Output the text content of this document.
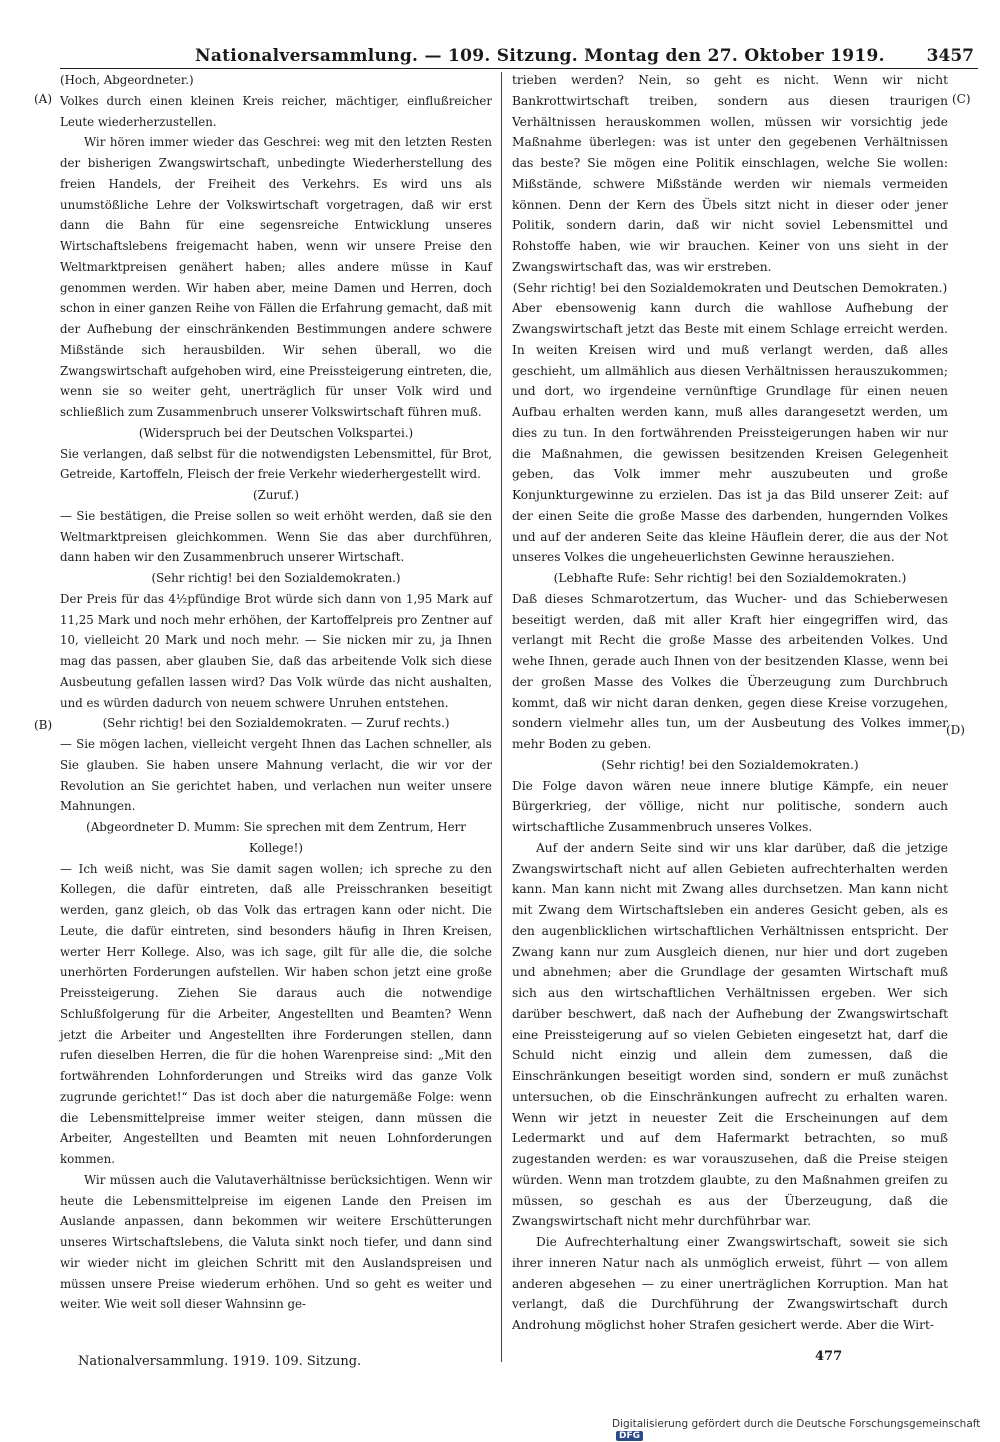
Nationalversammlung. — 109. Sitzung. Montag den 27. Oktober 1919. 3457

(Hoch, Abgeordneter.)

Volkes durch einen kleinen Kreis reicher, mächtiger, einflußreicher Leute wiederherzustellen.

Wir hören immer wieder das Geschrei: weg mit den letzten Resten der bisherigen Zwangswirtschaft, unbedingte Wiederherstellung des freien Handels, der Freiheit des Verkehrs. Es wird uns als unumstößliche Lehre der Volkswirtschaft vorgetragen, daß wir erst dann die Bahn für eine segensreiche Entwicklung unseres Wirtschaftslebens freigemacht haben, wenn wir unsere Preise den Weltmarktpreisen genähert haben; alles andere müsse in Kauf genommen werden. Wir haben aber, meine Damen und Herren, doch schon in einer ganzen Reihe von Fällen die Erfahrung gemacht, daß mit der Aufhebung der einschränkenden Bestimmungen andere schwere Mißstände sich herausbilden. Wir sehen überall, wo die Zwangswirtschaft aufgehoben wird, eine Preissteigerung eintreten, die, wenn sie so weiter geht, unerträglich für unser Volk wird und schließlich zum Zusammenbruch unserer Volkswirtschaft führen muß.

(Widerspruch bei der Deutschen Volkspartei.)

Sie verlangen, daß selbst für die notwendigsten Lebensmittel, für Brot, Getreide, Kartoffeln, Fleisch der freie Verkehr wiederhergestellt wird.

(Zuruf.)

— Sie bestätigen, die Preise sollen so weit erhöht werden, daß sie den Weltmarktpreisen gleichkommen. Wenn Sie das aber durchführen, dann haben wir den Zusammenbruch unserer Wirtschaft.

(Sehr richtig! bei den Sozialdemokraten.)

Der Preis für das 4½pfündige Brot würde sich dann von 1,95 Mark auf 11,25 Mark und noch mehr erhöhen, der Kartoffelpreis pro Zentner auf 10, vielleicht 20 Mark und noch mehr. — Sie nicken mir zu, ja Ihnen mag das passen, aber glauben Sie, daß das arbeitende Volk sich diese Ausbeutung gefallen lassen wird? Das Volk würde das nicht aushalten, und es würden dadurch von neuem schwere Unruhen entstehen.

(Sehr richtig! bei den Sozialdemokraten. — Zuruf rechts.)

— Sie mögen lachen, vielleicht vergeht Ihnen das Lachen schneller, als Sie glauben. Sie haben unsere Mahnung verlacht, die wir vor der Revolution an Sie gerichtet haben, und verlachen nun weiter unsere Mahnungen.

(Abgeordneter D. Mumm: Sie sprechen mit dem Zentrum, Herr Kollege!)

— Ich weiß nicht, was Sie damit sagen wollen; ich spreche zu den Kollegen, die dafür eintreten, daß alle Preisschranken beseitigt werden, ganz gleich, ob das Volk das ertragen kann oder nicht. Die Leute, die dafür eintreten, sind besonders häufig in Ihren Kreisen, werter Herr Kollege. Also, was ich sage, gilt für alle die, die solche unerhörten Forderungen aufstellen. Wir haben schon jetzt eine große Preissteigerung. Ziehen Sie daraus auch die notwendige Schlußfolgerung für die Arbeiter, Angestellten und Beamten? Wenn jetzt die Arbeiter und Angestellten ihre Forderungen stellen, dann rufen dieselben Herren, die für die hohen Warenpreise sind: „Mit den fortwährenden Lohnforderungen und Streiks wird das ganze Volk zugrunde gerichtet!“ Das ist doch aber die naturgemäße Folge: wenn die Lebensmittelpreise immer weiter steigen, dann müssen die Arbeiter, Angestellten und Beamten mit neuen Lohnforderungen kommen.

Wir müssen auch die Valutaverhältnisse berücksichtigen. Wenn wir heute die Lebensmittelpreise im eigenen Lande den Preisen im Auslande anpassen, dann bekommen wir weitere Erschütterungen unseres Wirtschaftslebens, die Valuta sinkt noch tiefer, und dann sind wir wieder nicht im gleichen Schritt mit den Auslandspreisen und müssen unsere Preise wiederum erhöhen. Und so geht es weiter und weiter. Wie weit soll dieser Wahnsinn ge-

trieben werden? Nein, so geht es nicht. Wenn wir nicht Bankrottwirtschaft treiben, sondern aus diesen traurigen Verhältnissen herauskommen wollen, müssen wir vorsichtig jede Maßnahme überlegen: was ist unter den gegebenen Verhältnissen das beste? Sie mögen eine Politik einschlagen, welche Sie wollen: Mißstände, schwere Mißstände werden wir niemals vermeiden können. Denn der Kern des Übels sitzt nicht in dieser oder jener Politik, sondern darin, daß wir nicht soviel Lebensmittel und Rohstoffe haben, wie wir brauchen. Keiner von uns sieht in der Zwangswirtschaft das, was wir erstreben.

(Sehr richtig! bei den Sozialdemokraten und Deutschen Demokraten.)

Aber ebensowenig kann durch die wahllose Aufhebung der Zwangswirtschaft jetzt das Beste mit einem Schlage erreicht werden. In weiten Kreisen wird und muß verlangt werden, daß alles geschieht, um allmählich aus diesen Verhältnissen herauszukommen; und dort, wo irgendeine vernünftige Grundlage für einen neuen Aufbau erhalten werden kann, muß alles darangesetzt werden, um dies zu tun. In den fortwährenden Preissteigerungen haben wir nur die Maßnahmen, die gewissen besitzenden Kreisen Gelegenheit geben, das Volk immer mehr auszubeuten und große Konjunkturgewinne zu erzielen. Das ist ja das Bild unserer Zeit: auf der einen Seite die große Masse des darbenden, hungernden Volkes und auf der anderen Seite das kleine Häuflein derer, die aus der Not unseres Volkes die ungeheuerlichsten Gewinne herausziehen.

(Lebhafte Rufe: Sehr richtig! bei den Sozialdemokraten.)

Daß dieses Schmarotzertum, das Wucher- und das Schieberwesen beseitigt werden, daß mit aller Kraft hier eingegriffen wird, das verlangt mit Recht die große Masse des arbeitenden Volkes. Und wehe Ihnen, gerade auch Ihnen von der besitzenden Klasse, wenn bei der großen Masse des Volkes die Überzeugung zum Durchbruch kommt, daß wir nicht daran denken, gegen diese Kreise vorzugehen, sondern vielmehr alles tun, um der Ausbeutung des Volkes immer mehr Boden zu geben.

(Sehr richtig! bei den Sozialdemokraten.)

Die Folge davon wären neue innere blutige Kämpfe, ein neuer Bürgerkrieg, der völlige, nicht nur politische, sondern auch wirtschaftliche Zusammenbruch unseres Volkes.

Auf der andern Seite sind wir uns klar darüber, daß die jetzige Zwangswirtschaft nicht auf allen Gebieten aufrechterhalten werden kann. Man kann nicht mit Zwang alles durchsetzen. Man kann nicht mit Zwang dem Wirtschaftsleben ein anderes Gesicht geben, als es den augenblicklichen wirtschaftlichen Verhältnissen entspricht. Der Zwang kann nur zum Ausgleich dienen, nur hier und dort zugeben und abnehmen; aber die Grundlage der gesamten Wirtschaft muß sich aus den wirtschaftlichen Verhältnissen ergeben. Wer sich darüber beschwert, daß nach der Aufhebung der Zwangswirtschaft eine Preissteigerung auf so vielen Gebieten eingesetzt hat, darf die Schuld nicht einzig und allein dem zumessen, daß die Einschränkungen beseitigt worden sind, sondern er muß zunächst untersuchen, ob die Einschränkungen aufrecht zu erhalten waren. Wenn wir jetzt in neuester Zeit die Erscheinungen auf dem Ledermarkt und auf dem Hafermarkt betrachten, so muß zugestanden werden: es war vorauszusehen, daß die Preise steigen würden. Wenn man trotzdem glaubte, zu den Maßnahmen greifen zu müssen, so geschah es aus der Überzeugung, daß die Zwangswirtschaft nicht mehr durchführbar war.

Die Aufrechterhaltung einer Zwangswirtschaft, soweit sie sich ihrer inneren Natur nach als unmöglich erweist, führt — von allem anderen abgesehen — zu einer unerträglichen Korruption. Man hat verlangt, daß die Durchführung der Zwangswirtschaft durch Androhung möglichst hoher Strafen gesichert werde. Aber die Wirt-

(A)
(B)
(C)
(D)
Nationalversammlung. 1919. 109. Sitzung.	477
Digitalisierung gefördert durch die Deutsche Forschungsgemeinschaft DFG
